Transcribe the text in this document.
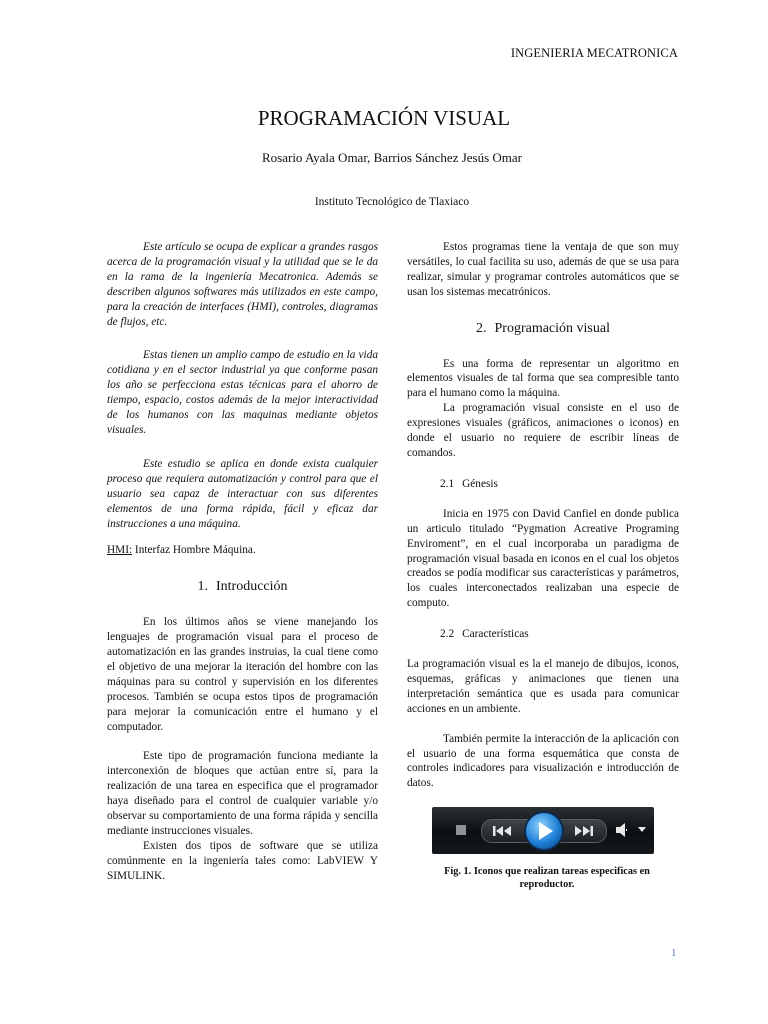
INGENIERIA MECATRONICA
PROGRAMACIÓN VISUAL
Rosario Ayala Omar, Barrios Sánchez Jesús Omar
Instituto Tecnológico de Tlaxiaco

Este artículo se ocupa de explicar a grandes rasgos acerca de la programación visual y la utilidad que se le da en la rama de la ingeniería Mecatronica. Además se describen algunos softwares más utilizados en este campo, para la creación de interfaces (HMI), controles, diagramas de flujos, etc.

Estas tienen un amplio campo de estudio en la vida cotidiana y en el sector industrial ya que conforme pasan los año se perfecciona estas técnicas para el ahorro de tiempo, espacio, costos además de la mejor interactividad de los humanos con las maquinas mediante objetos visuales.

Este estudio se aplica en donde exista cualquier proceso que requiera automatización y control para que el usuario sea capaz de interactuar con sus diferentes elementos de una forma rápida, fácil y eficaz dar instrucciones a una máquina.

HMI: Interfaz Hombre Máquina.

1. Introducción

En los últimos años se viene manejando los lenguajes de programación visual para el proceso de automatización en las grandes instruias, la cual tiene como el objetivo de una mejorar la iteración del hombre con las máquinas para su control y supervisión en los diferentes procesos. También se ocupa estos tipos de programación para mejorar la comunicación entre el humano y el computador.

Este tipo de programación funciona mediante la interconexión de bloques que actúan entre sí, para la realización de una tarea en especifica que el programador haya diseñado para el control de cualquier variable y/o observar su comportamiento de una forma rápida y sencilla mediante instrucciones visuales.

Existen dos tipos de software que se utiliza comúnmente en la ingeniería tales como: LabVIEW Y SIMULINK.

Estos programas tiene la ventaja de que son muy versátiles, lo cual facilita su uso, además de que se usa para realizar, simular y programar controles automáticos que se usan los sistemas mecatrónicos.

2. Programación visual

Es una forma de representar un algoritmo en elementos visuales de tal forma que sea compresible tanto para el humano como la máquina.

La programación visual consiste en el uso de expresiones visuales (gráficos, animaciones o iconos) en donde el usuario no requiere de escribir líneas de comandos.

2.1 Génesis

Inicia en 1975 con David Canfiel en donde publica un articulo titulado “Pygmation Acreative Programing Enviroment”, en el cual incorporaba un paradigma de programación visual basada en iconos en el cual los objetos creados se podía modificar sus características y parámetros, los cuales interconectados realizaban una especie de computo.

2.2 Características

La programación visual es la el manejo de dibujos, iconos, esquemas, gráficas y animaciones que tienen una interpretación semántica que es usada para comunicar acciones en un ambiente.

También permite la interacción de la aplicación con el usuario de una forma esquemática que consta de controles indicadores para visualización e introducción de datos.

Fig. 1. Iconos que realizan tareas especificas en reproductor.
1
